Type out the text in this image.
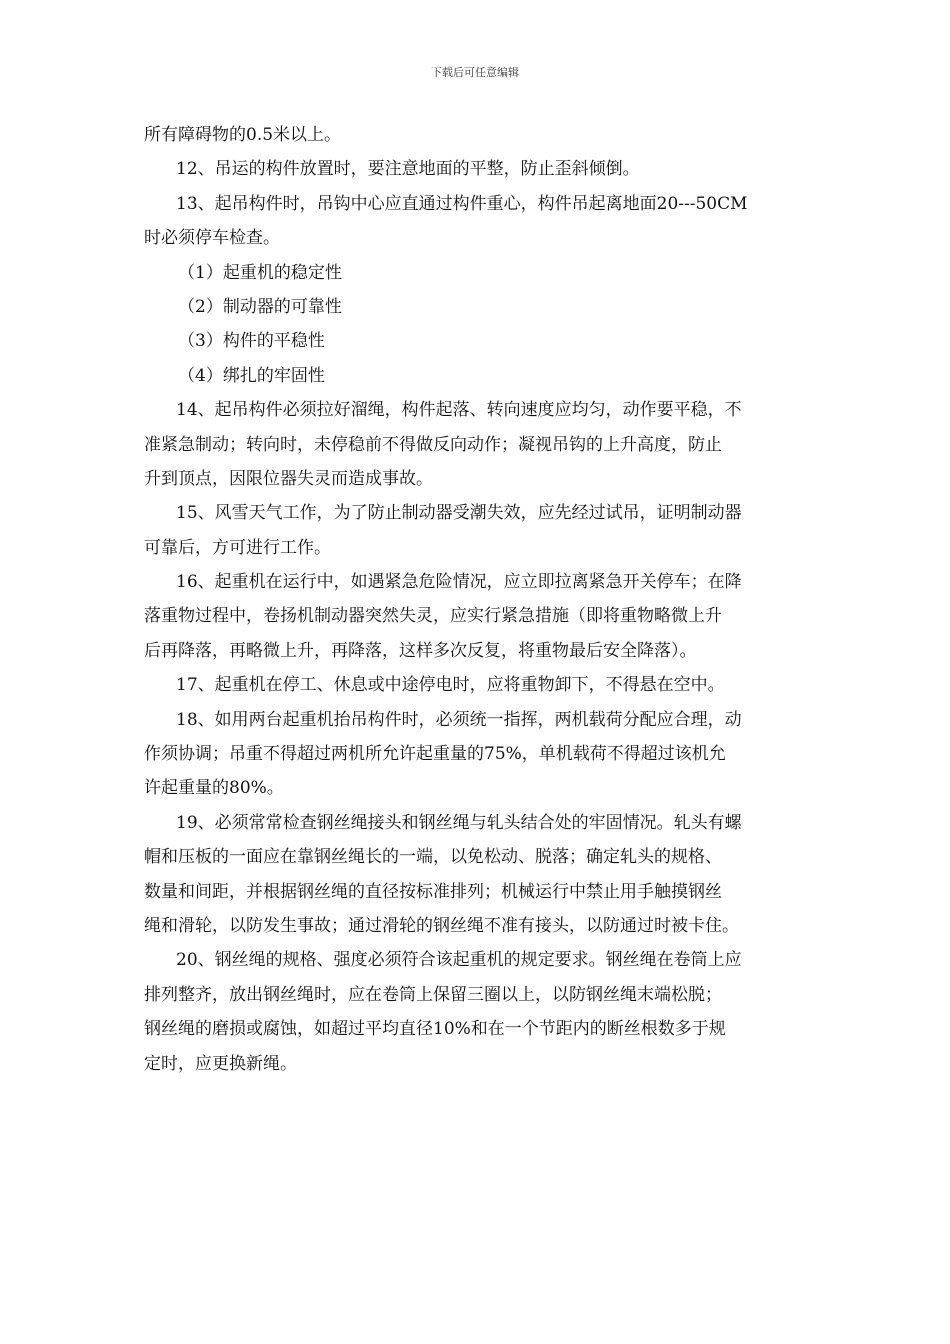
下载后可任意编辑
所有障碍物的0.5米以上。
12、吊运的构件放置时，要注意地面的平整，防止歪斜倾倒。
13、起吊构件时，吊钩中心应直通过构件重心，构件吊起离地面20---50CM
时必须停车检查。
（1）起重机的稳定性
（2）制动器的可靠性
（3）构件的平稳性
（4）绑扎的牢固性
14、起吊构件必须拉好溜绳，构件起落、转向速度应均匀，动作要平稳，不
准紧急制动；转向时，未停稳前不得做反向动作；凝视吊钩的上升高度，防止
升到顶点，因限位器失灵而造成事故。
15、风雪天气工作，为了防止制动器受潮失效，应先经过试吊，证明制动器
可靠后，方可进行工作。
16、起重机在运行中，如遇紧急危险情况，应立即拉离紧急开关停车；在降
落重物过程中，卷扬机制动器突然失灵，应实行紧急措施（即将重物略微上升
后再降落，再略微上升，再降落，这样多次反复，将重物最后安全降落）。
17、起重机在停工、休息或中途停电时，应将重物卸下，不得悬在空中。
18、如用两台起重机抬吊构件时，必须统一指挥，两机载荷分配应合理，动
作须协调；吊重不得超过两机所允许起重量的75%，单机载荷不得超过该机允
许起重量的80%。
19、必须常常检查钢丝绳接头和钢丝绳与轧头结合处的牢固情况。轧头有螺
帽和压板的一面应在靠钢丝绳长的一端，以免松动、脱落；确定轧头的规格、
数量和间距，并根据钢丝绳的直径按标准排列；机械运行中禁止用手触摸钢丝
绳和滑轮，以防发生事故；通过滑轮的钢丝绳不准有接头，以防通过时被卡住。
20、钢丝绳的规格、强度必须符合该起重机的规定要求。钢丝绳在卷筒上应
排列整齐，放出钢丝绳时，应在卷筒上保留三圈以上，以防钢丝绳末端松脱；
钢丝绳的磨损或腐蚀，如超过平均直径10%和在一个节距内的断丝根数多于规
定时，应更换新绳。
